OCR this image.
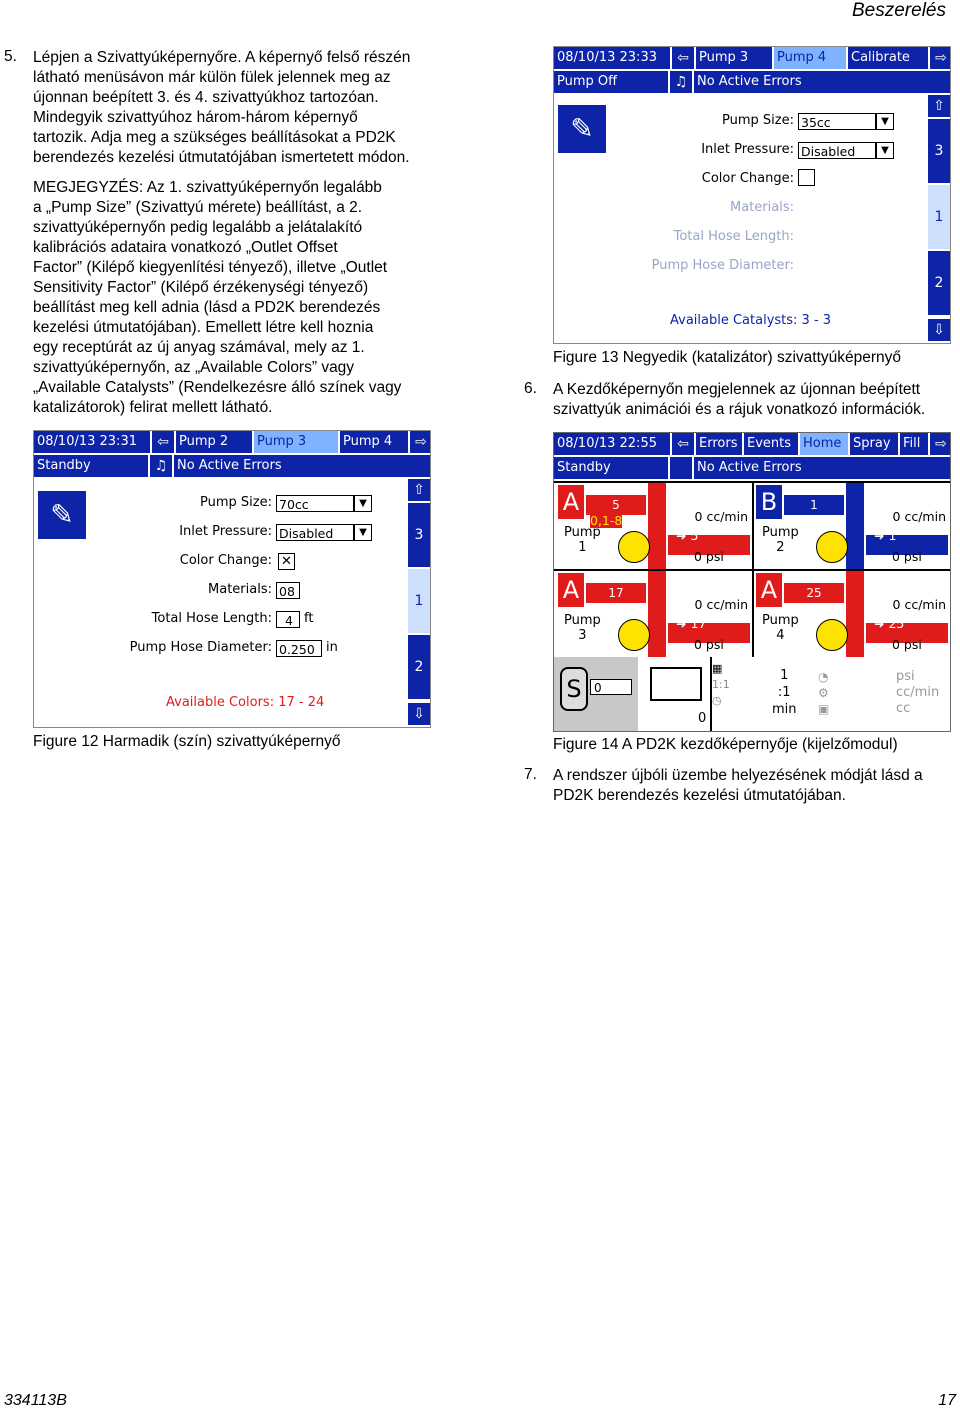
Beszerelés
5. Lépjen a Szivattyúképernyőre. A képernyő felső részén
látható menüsávon már külön fülek jelennek meg az
újonnan beépített 3. és 4. szivattyúkhoz tartozóan.
Mindegyik szivattyúhoz három-három képernyő
tartozik. Adja meg a szükséges beállításokat a PD2K
berendezés kezelési útmutatójában ismertetett módon.
MEGJEGYZÉS: Az 1. szivattyúképernyőn legalább
a „Pump Size” (Szivattyú mérete) beállítást, a 2.
szivattyúképernyőn pedig legalább a jelátalakító
kalibrációs adataira vonatkozó „Outlet Offset
Factor” (Kilépő kiegyenlítési tényező), illetve „Outlet
Sensitivity Factor” (Kilépő érzékenységi tényező)
beállítást meg kell adnia (lásd a PD2K berendezés
kezelési útmutatójában). Emellett létre kell hoznia
egy receptúrát az új anyag számával, mely az 1.
szivattyúképernyőn, az „Available Colors” vagy
„Available Catalysts” (Rendelkezésre álló színek vagy
katalizátorok) felirat mellett látható.
08/10/13 23:31	⇦ Pump 2	Pump 3	Pump 4	⇨
Standby	♫ No Active Errors
✎	Pump Size: 70cc	▼
Inlet Pressure: Disabled	▼
Color Change: ✕
Materials: 08
Total Hose Length:	4 ft
Pump Hose Diameter: 0.250 in
Available Colors: 17 - 24
⇧
3
1
2
⇩
Figure 12 Harmadik (szín) szivattyúképernyő
08/10/13 23:33	⇦ Pump 3	Pump 4	Calibrate	⇨
Pump Off	♫ No Active Errors
✎	Pump Size: 35cc	▼
Inlet Pressure: Disabled	▼
Color Change:
Materials:
Total Hose Length:
Pump Hose Diameter:
Available Catalysts: 3 - 3
⇧
3
1
2
⇩
Figure 13 Negyedik (katalizátor) szivattyúképernyő
6. A Kezdőképernyőn megjelennek az újonnan beépített
szivattyúk animációi és a rájuk vonatkozó információk.
08/10/13 22:55	⇦ Errors Events Home Spray Fill	⇨
Standby	No Active Errors
A	5
0,1-8	0 cc/min
➜ 5
Pump
1
0 psi
B	1
0 cc/min
➜ 1
Pump
2
0 psi
A	17
0 cc/min
➜ 17
Pump
3
0 psi
A	25
0 cc/min
➜ 25
Pump
4
0 psi
S	0
0
▦
1:1
◷
1
:1
min
◔
⚙
▣
psi
cc/min
cc
Figure 14 A PD2K kezdőképernyője (kijelzőmodul)
7. A rendszer újbóli üzembe helyezésének módját lásd a
PD2K berendezés kezelési útmutatójában.
334113B	17
